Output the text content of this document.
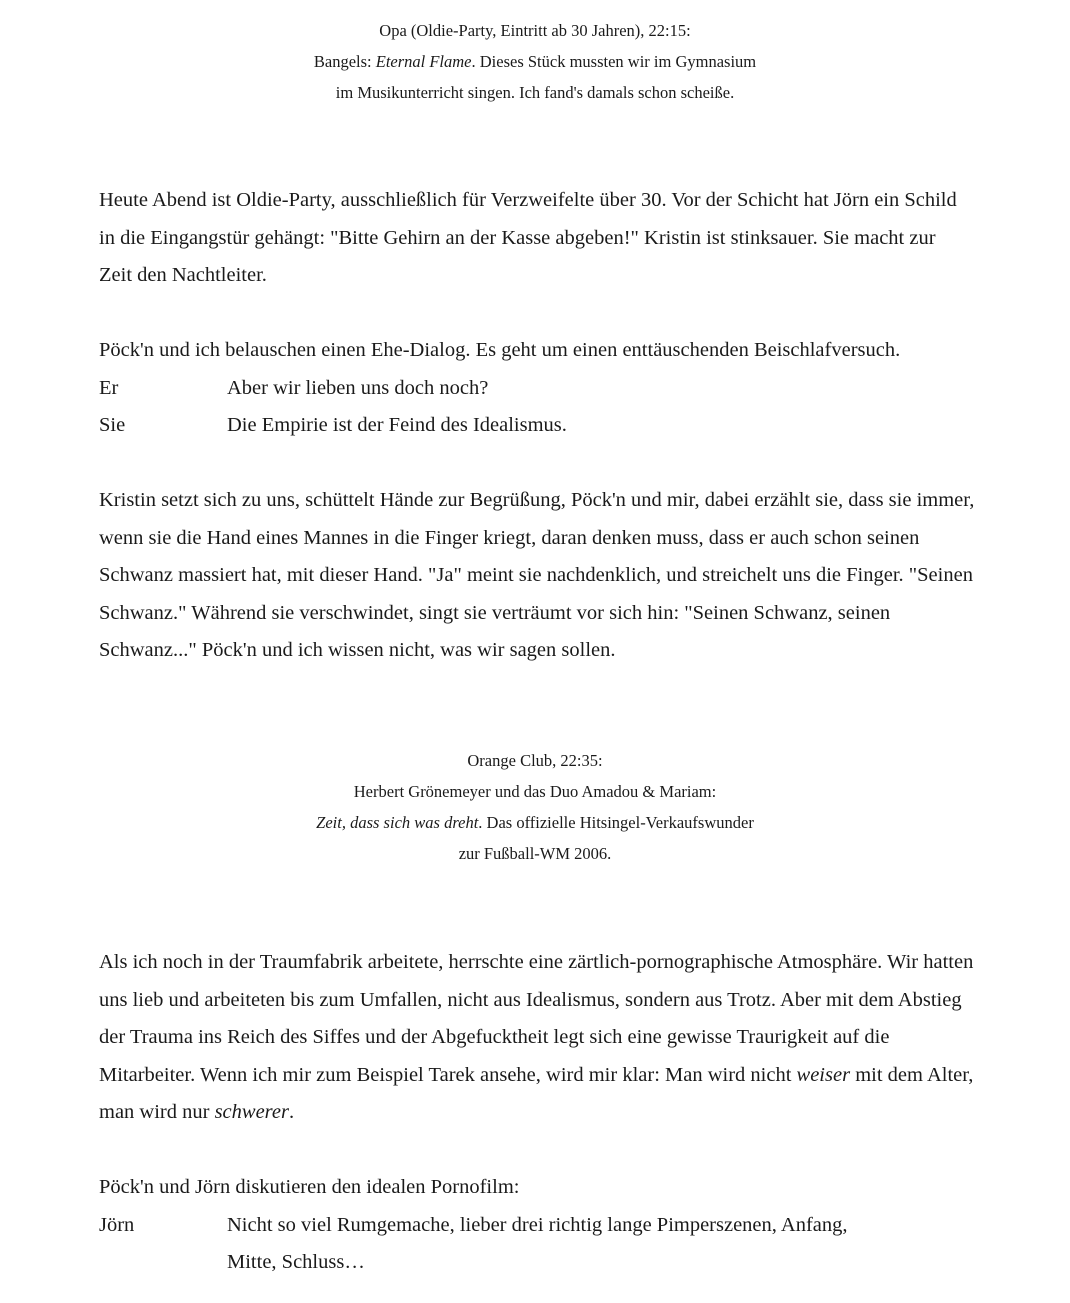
Opa (Oldie-Party, Eintritt ab 30 Jahren), 22:15:

Bangels: Eternal Flame. Dieses Stück mussten wir im Gymnasium

im Musikunterricht singen. Ich fand's damals schon scheiße.

Heute Abend ist Oldie-Party, ausschließlich für Verzweifelte über 30. Vor der Schicht hat Jörn ein Schild in die Eingangstür gehängt: "Bitte Gehirn an der Kasse abgeben!" Kristin ist stinksauer. Sie macht zur Zeit den Nachtleiter.

Pöck'n und ich belauschen einen Ehe-Dialog. Es geht um einen enttäuschenden Beischlafversuch.

Er	Aber wir lieben uns doch noch?
Sie	Die Empirie ist der Feind des Idealismus.

Kristin setzt sich zu uns, schüttelt Hände zur Begrüßung, Pöck'n und mir, dabei erzählt sie, dass sie immer, wenn sie die Hand eines Mannes in die Finger kriegt, daran denken muss, dass er auch schon seinen Schwanz massiert hat, mit dieser Hand. "Ja" meint sie nachdenklich, und streichelt uns die Finger. "Seinen Schwanz." Während sie verschwindet, singt sie verträumt vor sich hin: "Seinen Schwanz, seinen Schwanz..." Pöck'n und ich wissen nicht, was wir sagen sollen.

Orange Club, 22:35:

Herbert Grönemeyer und das Duo Amadou & Mariam:

Zeit, dass sich was dreht. Das offizielle Hitsingel-Verkaufswunder

zur Fußball-WM 2006.

Als ich noch in der Traumfabrik arbeitete, herrschte eine zärtlich-pornographische Atmosphäre. Wir hatten uns lieb und arbeiteten bis zum Umfallen, nicht aus Idealismus, sondern aus Trotz. Aber mit dem Abstieg der Trauma ins Reich des Siffes und der Abgefucktheit legt sich eine gewisse Traurigkeit auf die Mitarbeiter. Wenn ich mir zum Beispiel Tarek ansehe, wird mir klar: Man wird nicht weiser mit dem Alter, man wird nur schwerer.

Pöck'n und Jörn diskutieren den idealen Pornofilm:

Jörn	Nicht so viel Rumgemache, lieber drei richtig lange Pimperszenen, Anfang, Mitte, Schluss…
